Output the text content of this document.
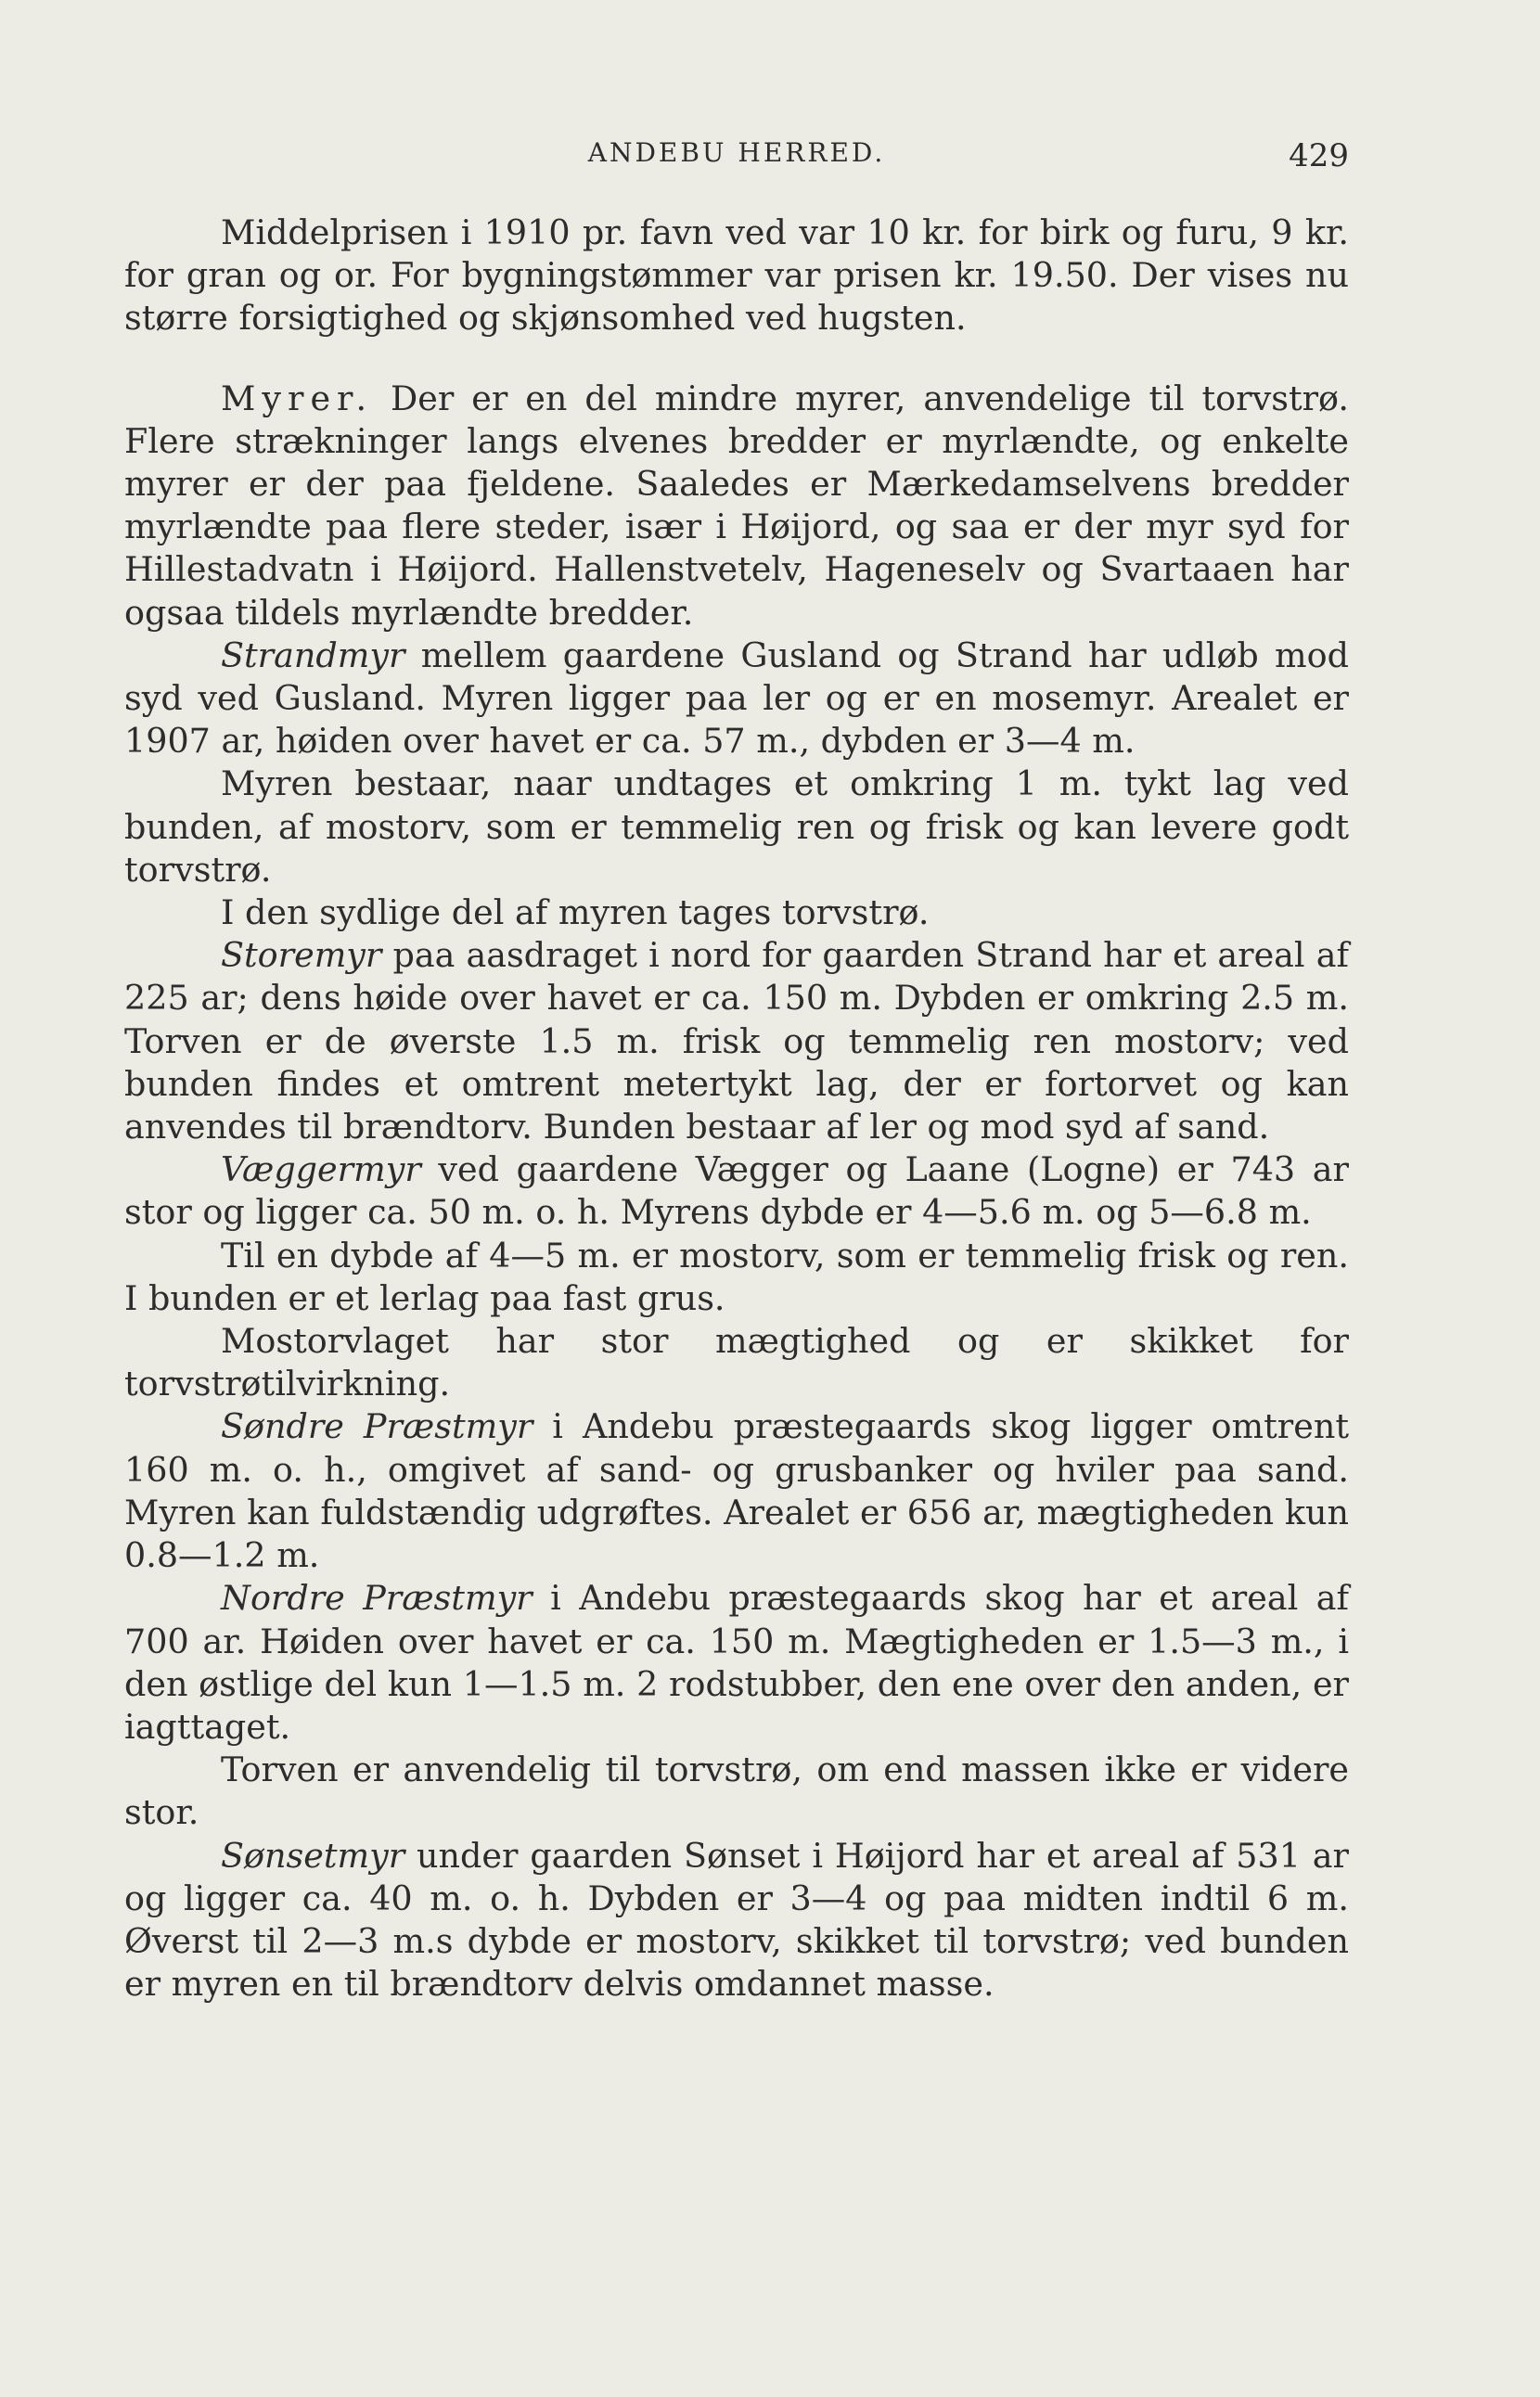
ANDEBU HERRED.	429

Middelprisen i 1910 pr. favn ved var 10 kr. for birk og furu, 9 kr. for gran og or. For bygningstømmer var prisen kr. 19.50. Der vises nu større forsigtighed og skjønsomhed ved hugsten.

Myrer. Der er en del mindre myrer, anvendelige til torvstrø. Flere strækninger langs elvenes bredder er myrlændte, og enkelte myrer er der paa fjeldene. Saaledes er Mærkedamselvens bredder myrlændte paa flere steder, især i Høijord, og saa er der myr syd for Hillestadvatn i Høijord. Hallenstvetelv, Hageneselv og Svartaaen har ogsaa tildels myrlændte bredder.

Strandmyr mellem gaardene Gusland og Strand har udløb mod syd ved Gusland. Myren ligger paa ler og er en mosemyr. Arealet er 1907 ar, høiden over havet er ca. 57 m., dybden er 3—4 m.

Myren bestaar, naar undtages et omkring 1 m. tykt lag ved bunden, af mostorv, som er temmelig ren og frisk og kan levere godt torvstrø.

I den sydlige del af myren tages torvstrø.

Storemyr paa aasdraget i nord for gaarden Strand har et areal af 225 ar; dens høide over havet er ca. 150 m. Dybden er omkring 2.5 m. Torven er de øverste 1.5 m. frisk og temmelig ren mostorv; ved bunden findes et omtrent metertykt lag, der er fortorvet og kan anvendes til brændtorv. Bunden bestaar af ler og mod syd af sand.

Væggermyr ved gaardene Vægger og Laane (Logne) er 743 ar stor og ligger ca. 50 m. o. h. Myrens dybde er 4—5.6 m. og 5—6.8 m.

Til en dybde af 4—5 m. er mostorv, som er temmelig frisk og ren. I bunden er et lerlag paa fast grus.

Mostorvlaget har stor mægtighed og er skikket for torvstrøtilvirkning.

Søndre Præstmyr i Andebu præstegaards skog ligger omtrent 160 m. o. h., omgivet af sand- og grusbanker og hviler paa sand. Myren kan fuldstændig udgrøftes. Arealet er 656 ar, mægtigheden kun 0.8—1.2 m.

Nordre Præstmyr i Andebu præstegaards skog har et areal af 700 ar. Høiden over havet er ca. 150 m. Mægtigheden er 1.5—3 m., i den østlige del kun 1—1.5 m. 2 rodstubber, den ene over den anden, er iagttaget.

Torven er anvendelig til torvstrø, om end massen ikke er videre stor.

Sønsetmyr under gaarden Sønset i Høijord har et areal af 531 ar og ligger ca. 40 m. o. h. Dybden er 3—4 og paa midten indtil 6 m. Øverst til 2—3 m.s dybde er mostorv, skikket til torvstrø; ved bunden er myren en til brændtorv delvis omdannet masse.
